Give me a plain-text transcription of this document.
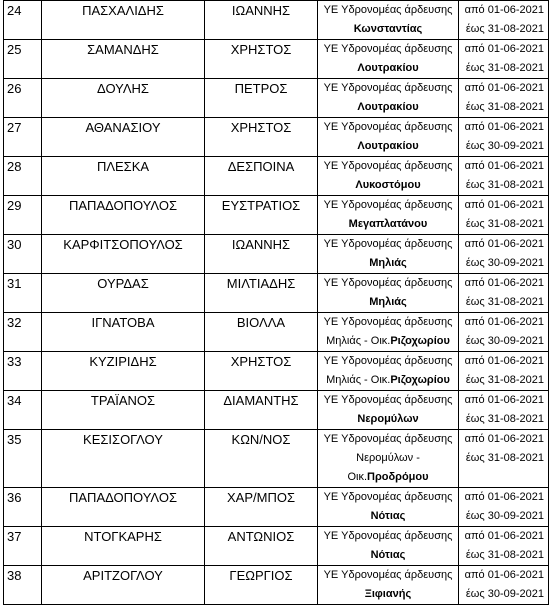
24	ΠΑΣΧΑΛΙΔΗΣ	ΙΩΑΝΝΗΣ	ΥΕ Υδρονομέας άρδευσης
Κωνσταντίας	από 01-06-2021
έως 31-08-2021

25	ΣΑΜΑΝΔΗΣ	ΧΡΗΣΤΟΣ	ΥΕ Υδρονομέας άρδευσης
Λουτρακίου	από 01-06-2021
έως 31-08-2021

26	ΔΟΥΛΗΣ	ΠΕΤΡΟΣ	ΥΕ Υδρονομέας άρδευσης
Λουτρακίου	από 01-06-2021
έως 31-08-2021

27	ΑΘΑΝΑΣΙΟΥ	ΧΡΗΣΤΟΣ	ΥΕ Υδρονομέας άρδευσης
Λουτρακίου	από 01-06-2021
έως 30-09-2021

28	ΠΛΕΣΚΑ	ΔΕΣΠΟΙΝΑ	ΥΕ Υδρονομέας άρδευσης
Λυκοστόμου	από 01-06-2021
έως 31-08-2021

29	ΠΑΠΑΔΟΠΟΥΛΟΣ	ΕΥΣΤΡΑΤΙΟΣ	ΥΕ Υδρονομέας άρδευσης
Μεγαπλατάνου	από 01-06-2021
έως 31-08-2021

30	ΚΑΡΦΙΤΣΟΠΟΥΛΟΣ	ΙΩΑΝΝΗΣ	ΥΕ Υδρονομέας άρδευσης
Μηλιάς	από 01-06-2021
έως 30-09-2021

31	ΟΥΡΔΑΣ	ΜΙΛΤΙΑΔΗΣ	ΥΕ Υδρονομέας άρδευσης
Μηλιάς	από 01-06-2021
έως 31-08-2021

32	ΙΓΝΑΤΟΒΑ	ΒΙΟΛΛΑ	ΥΕ Υδρονομέας άρδευσης
Μηλιάς - Οικ.Ριζοχωρίου	από 01-06-2021
έως 30-09-2021

33	ΚΥΖΙΡΙΔΗΣ	ΧΡΗΣΤΟΣ	ΥΕ Υδρονομέας άρδευσης
Μηλιάς - Οικ.Ριζοχωρίου	από 01-06-2021
έως 31-08-2021

34	ΤΡΑΪΑΝΟΣ	ΔΙΑΜΑΝΤΗΣ	ΥΕ Υδρονομέας άρδευσης
Νερομύλων	από 01-06-2021
έως 31-08-2021

35	ΚΕΣΙΣΟΓΛΟΥ	ΚΩΝ/ΝΟΣ	ΥΕ Υδρονομέας άρδευσης
Νερομύλων -
Οικ.Προδρόμου	από 01-06-2021
έως 31-08-2021

36	ΠΑΠΑΔΟΠΟΥΛΟΣ	ΧΑΡ/ΜΠΟΣ	ΥΕ Υδρονομέας άρδευσης
Νότιας	από 01-06-2021
έως 30-09-2021

37	ΝΤΟΓΚΑΡΗΣ	ΑΝΤΩΝΙΟΣ	ΥΕ Υδρονομέας άρδευσης
Νότιας	από 01-06-2021
έως 31-08-2021

38	ΑΡΙΤΖΟΓΛΟΥ	ΓΕΩΡΓΙΟΣ	ΥΕ Υδρονομέας άρδευσης
Ξιφιανής	από 01-06-2021
έως 30-09-2021
